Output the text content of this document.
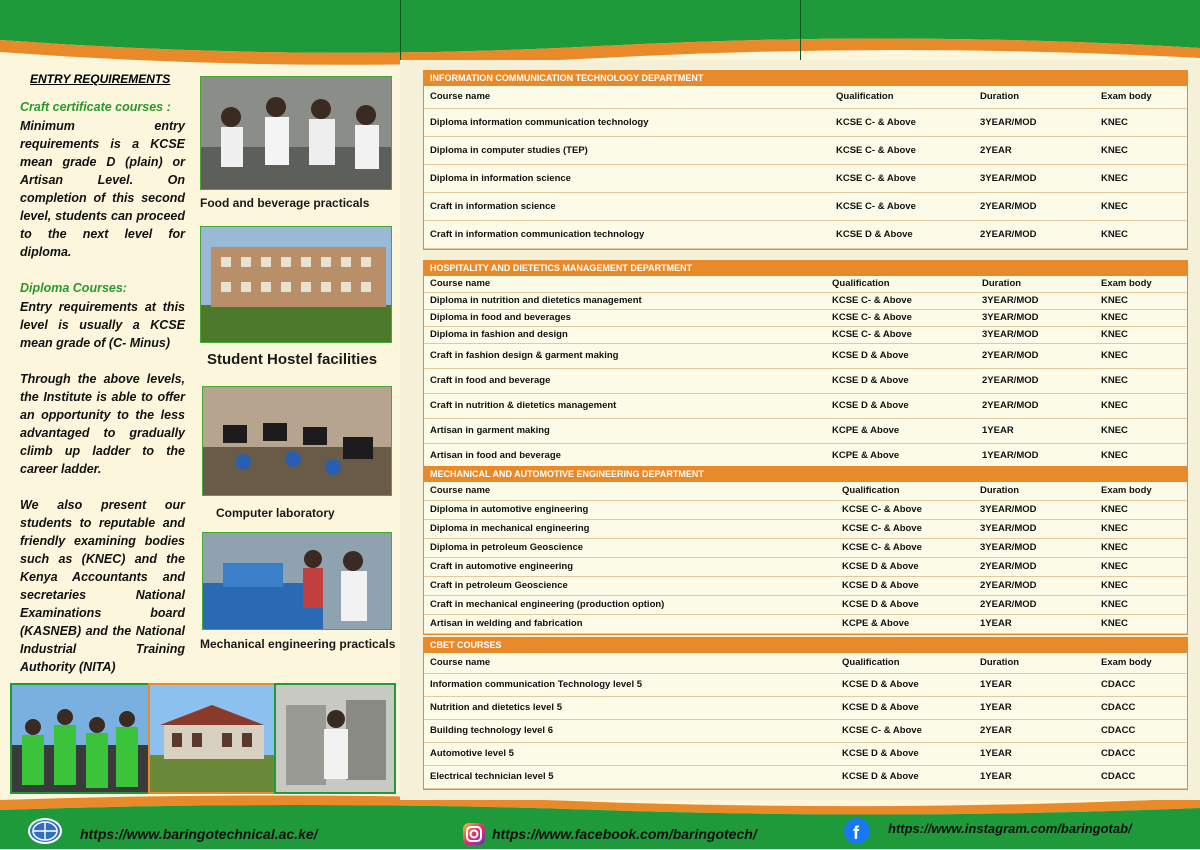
ENTRY REQUIREMENTS
Craft certificate courses :
Minimum entry requirements is a KCSE mean grade D (plain) or Artisan Level. On completion of this second level, students can proceed to the next level for diploma.
Diploma Courses:
Entry requirements at this level is usually a KCSE mean grade of (C- Minus)
Through the above levels, the Institute is able to offer an opportunity to the less advantaged to gradually climb up ladder to the career ladder.
We also present our students to reputable and friendly examining bodies such as (KNEC) and the Kenya Accountants and secretaries National Examinations board (KASNEB) and the National Industrial Training Authority (NITA)
Food and beverage practicals
Student Hostel facilities
Computer laboratory
Mechanical engineering practicals
INFORMATION COMMUNICATION TECHNOLOGY DEPARTMENT
Course name	Qualification	Duration	Exam body
Diploma information communication technology	KCSE C- & Above	3YEAR/MOD	KNEC
Diploma in computer studies (TEP)	KCSE C- & Above	2YEAR	KNEC
Diploma in information science	KCSE C- & Above	3YEAR/MOD	KNEC
Craft in information science	KCSE C- & Above	2YEAR/MOD	KNEC
Craft in information communication technology	KCSE D & Above	2YEAR/MOD	KNEC
HOSPITALITY AND DIETETICS MANAGEMENT DEPARTMENT
Course name	Qualification	Duration	Exam body
Diploma in nutrition and dietetics management	KCSE C- & Above	3YEAR/MOD	KNEC
Diploma in food and beverages	KCSE C- & Above	3YEAR/MOD	KNEC
Diploma in fashion and design	KCSE C- & Above	3YEAR/MOD	KNEC
Craft in fashion design & garment making	KCSE D & Above	2YEAR/MOD	KNEC
Craft in food and beverage	KCSE D & Above	2YEAR/MOD	KNEC
Craft in nutrition & dietetics management	KCSE D & Above	2YEAR/MOD	KNEC
Artisan in garment making	KCPE & Above	1YEAR	KNEC
Artisan in food and beverage	KCPE & Above	1YEAR/MOD	KNEC
MECHANICAL AND AUTOMOTIVE ENGINEERING DEPARTMENT
Course name	Qualification	Duration	Exam body
Diploma in automotive engineering	KCSE C- & Above	3YEAR/MOD	KNEC
Diploma in mechanical engineering	KCSE C- & Above	3YEAR/MOD	KNEC
Diploma in petroleum Geoscience	KCSE C- & Above	3YEAR/MOD	KNEC
Craft in automotive engineering	KCSE D & Above	2YEAR/MOD	KNEC
Craft in petroleum Geoscience	KCSE D & Above	2YEAR/MOD	KNEC
Craft in mechanical engineering (production option)	KCSE D & Above	2YEAR/MOD	KNEC
Artisan in welding and fabrication	KCPE & Above	1YEAR	KNEC
CBET COURSES
Course name	Qualification	Duration	Exam body
Information communication Technology level 5	KCSE D & Above	1YEAR	CDACC
Nutrition and dietetics level 5	KCSE D & Above	1YEAR	CDACC
Building technology level 6	KCSE C- & Above	2YEAR	CDACC
Automotive level 5	KCSE D & Above	1YEAR	CDACC
Electrical technician level 5	KCSE D & Above	1YEAR	CDACC
https://www.baringotechnical.ac.ke/	https://www.facebook.com/baringotech/	f https://www.instagram.com/baringotab/
